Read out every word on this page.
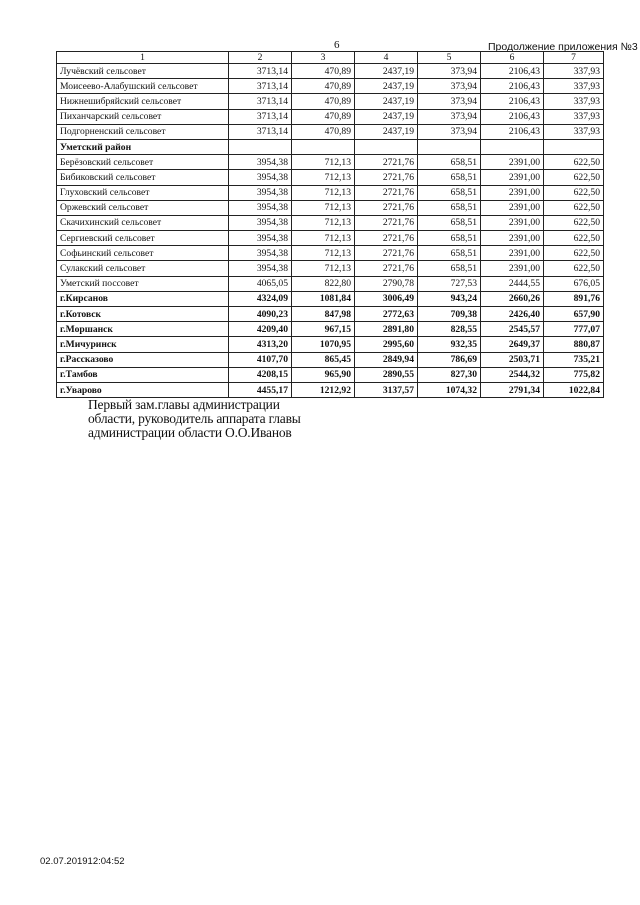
6	Продолжение приложения №3
1	2	3	4	5	6	7
Лучёвский сельсовет	3713,14	470,89	2437,19	373,94	2106,43	337,93
Моисеево-Алабушский сельсовет	3713,14	470,89	2437,19	373,94	2106,43	337,93
Нижнешибряйский сельсовет	3713,14	470,89	2437,19	373,94	2106,43	337,93
Пиханчарский сельсовет	3713,14	470,89	2437,19	373,94	2106,43	337,93
Подгорненский сельсовет	3713,14	470,89	2437,19	373,94	2106,43	337,93
Уметский район						
Берёзовский сельсовет	3954,38	712,13	2721,76	658,51	2391,00	622,50
Бибиковский сельсовет	3954,38	712,13	2721,76	658,51	2391,00	622,50
Глуховский сельсовет	3954,38	712,13	2721,76	658,51	2391,00	622,50
Оржевский сельсовет	3954,38	712,13	2721,76	658,51	2391,00	622,50
Скачихинский сельсовет	3954,38	712,13	2721,76	658,51	2391,00	622,50
Сергиевский сельсовет	3954,38	712,13	2721,76	658,51	2391,00	622,50
Софьинский сельсовет	3954,38	712,13	2721,76	658,51	2391,00	622,50
Сулакский сельсовет	3954,38	712,13	2721,76	658,51	2391,00	622,50
Уметский поссовет	4065,05	822,80	2790,78	727,53	2444,55	676,05
г.Кирсанов	4324,09	1081,84	3006,49	943,24	2660,26	891,76
г.Котовск	4090,23	847,98	2772,63	709,38	2426,40	657,90
г.Моршанск	4209,40	967,15	2891,80	828,55	2545,57	777,07
г.Мичуринск	4313,20	1070,95	2995,60	932,35	2649,37	880,87
г.Рассказово	4107,70	865,45	2849,94	786,69	2503,71	735,21
г.Тамбов	4208,15	965,90	2890,55	827,30	2544,32	775,82
г.Уварово	4455,17	1212,92	3137,57	1074,32	2791,34	1022,84
Первый зам.главы администрации
области, руководитель аппарата главы
администрации области О.О.Иванов
02.07.201912:04:52
